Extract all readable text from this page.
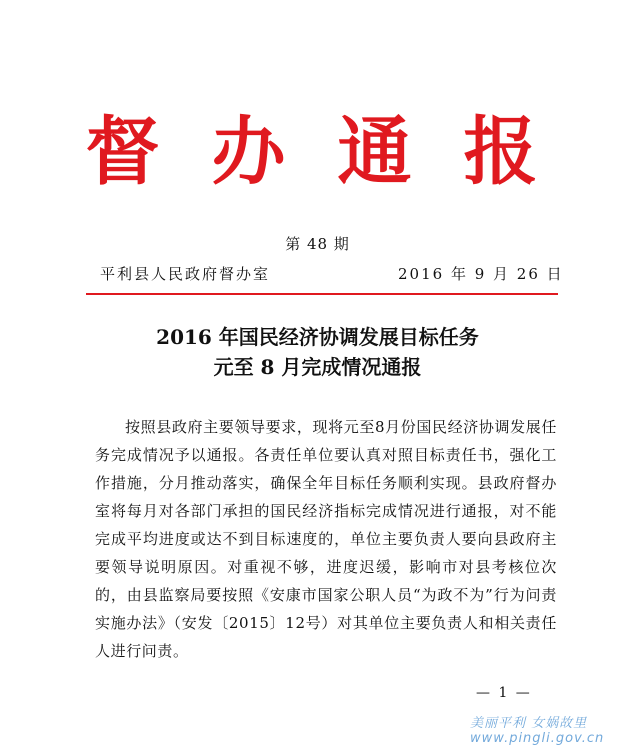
督办通报
第 48 期
平利县人民政府督办室	2016 年 9 月 26 日
2016 年国民经济协调发展目标任务
元至 8 月完成情况通报
按照县政府主要领导要求，现将元至8月份国民经济协调发展任务完成情况予以通报。各责任单位要认真对照目标责任书，强化工作措施，分月推动落实，确保全年目标任务顺利实现。县政府督办室将每月对各部门承担的国民经济指标完成情况进行通报，对不能完成平均进度或达不到目标速度的，单位主要负责人要向县政府主要领导说明原因。对重视不够，进度迟缓，影响市对县考核位次的，由县监察局要按照《安康市国家公职人员“为政不为”行为问责实施办法》（安发〔2015〕12号）对其单位主要负责人和相关责任人进行问责。
— 1 —
美丽平利 女娲故里 www.pingli.gov.cn
